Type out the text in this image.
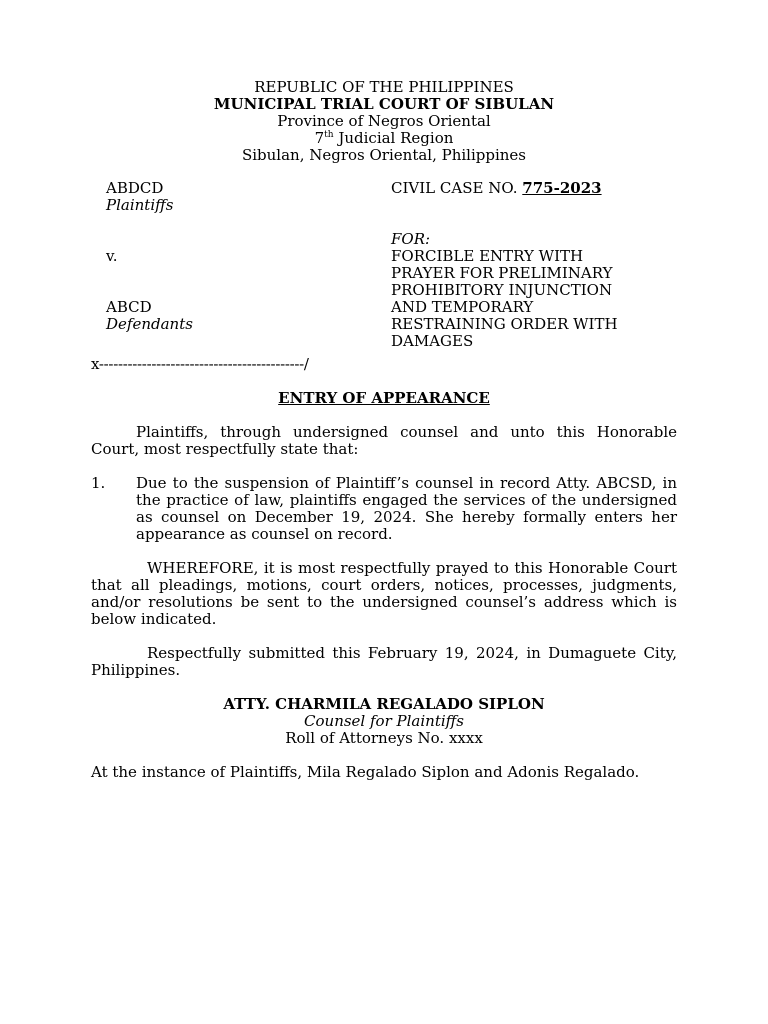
REPUBLIC OF THE PHILIPPINES
MUNICIPAL TRIAL COURT OF SIBULAN
Province of Negros Oriental
7th Judicial Region
Sibulan, Negros Oriental, Philippines
ABDCD
Plaintiffs
v.
ABCD
Defendants
CIVIL CASE NO. 775-2023
FOR:
FORCIBLE ENTRY WITH
PRAYER FOR PRELIMINARY
PROHIBITORY INJUNCTION
AND TEMPORARY
RESTRAINING ORDER WITH
DAMAGES
x-------------------------------------------/
ENTRY OF APPEARANCE
Plaintiffs, through undersigned counsel and unto this Honorable Court, most respectfully state that:
1. Due to the suspension of Plaintiff’s counsel in record Atty. ABCSD, in the practice of law, plaintiffs engaged the services of the undersigned as counsel on December 19, 2024. She hereby formally enters her appearance as counsel on record.
WHEREFORE, it is most respectfully prayed to this Honorable Court that all pleadings, motions, court orders, notices, processes, judgments, and/or resolutions be sent to the undersigned counsel’s address which is below indicated.
Respectfully submitted this February 19, 2024, in Dumaguete City, Philippines.
ATTY. CHARMILA REGALADO SIPLON
Counsel for Plaintiffs
Roll of Attorneys No. xxxx
At the instance of Plaintiffs, Mila Regalado Siplon and Adonis Regalado.
